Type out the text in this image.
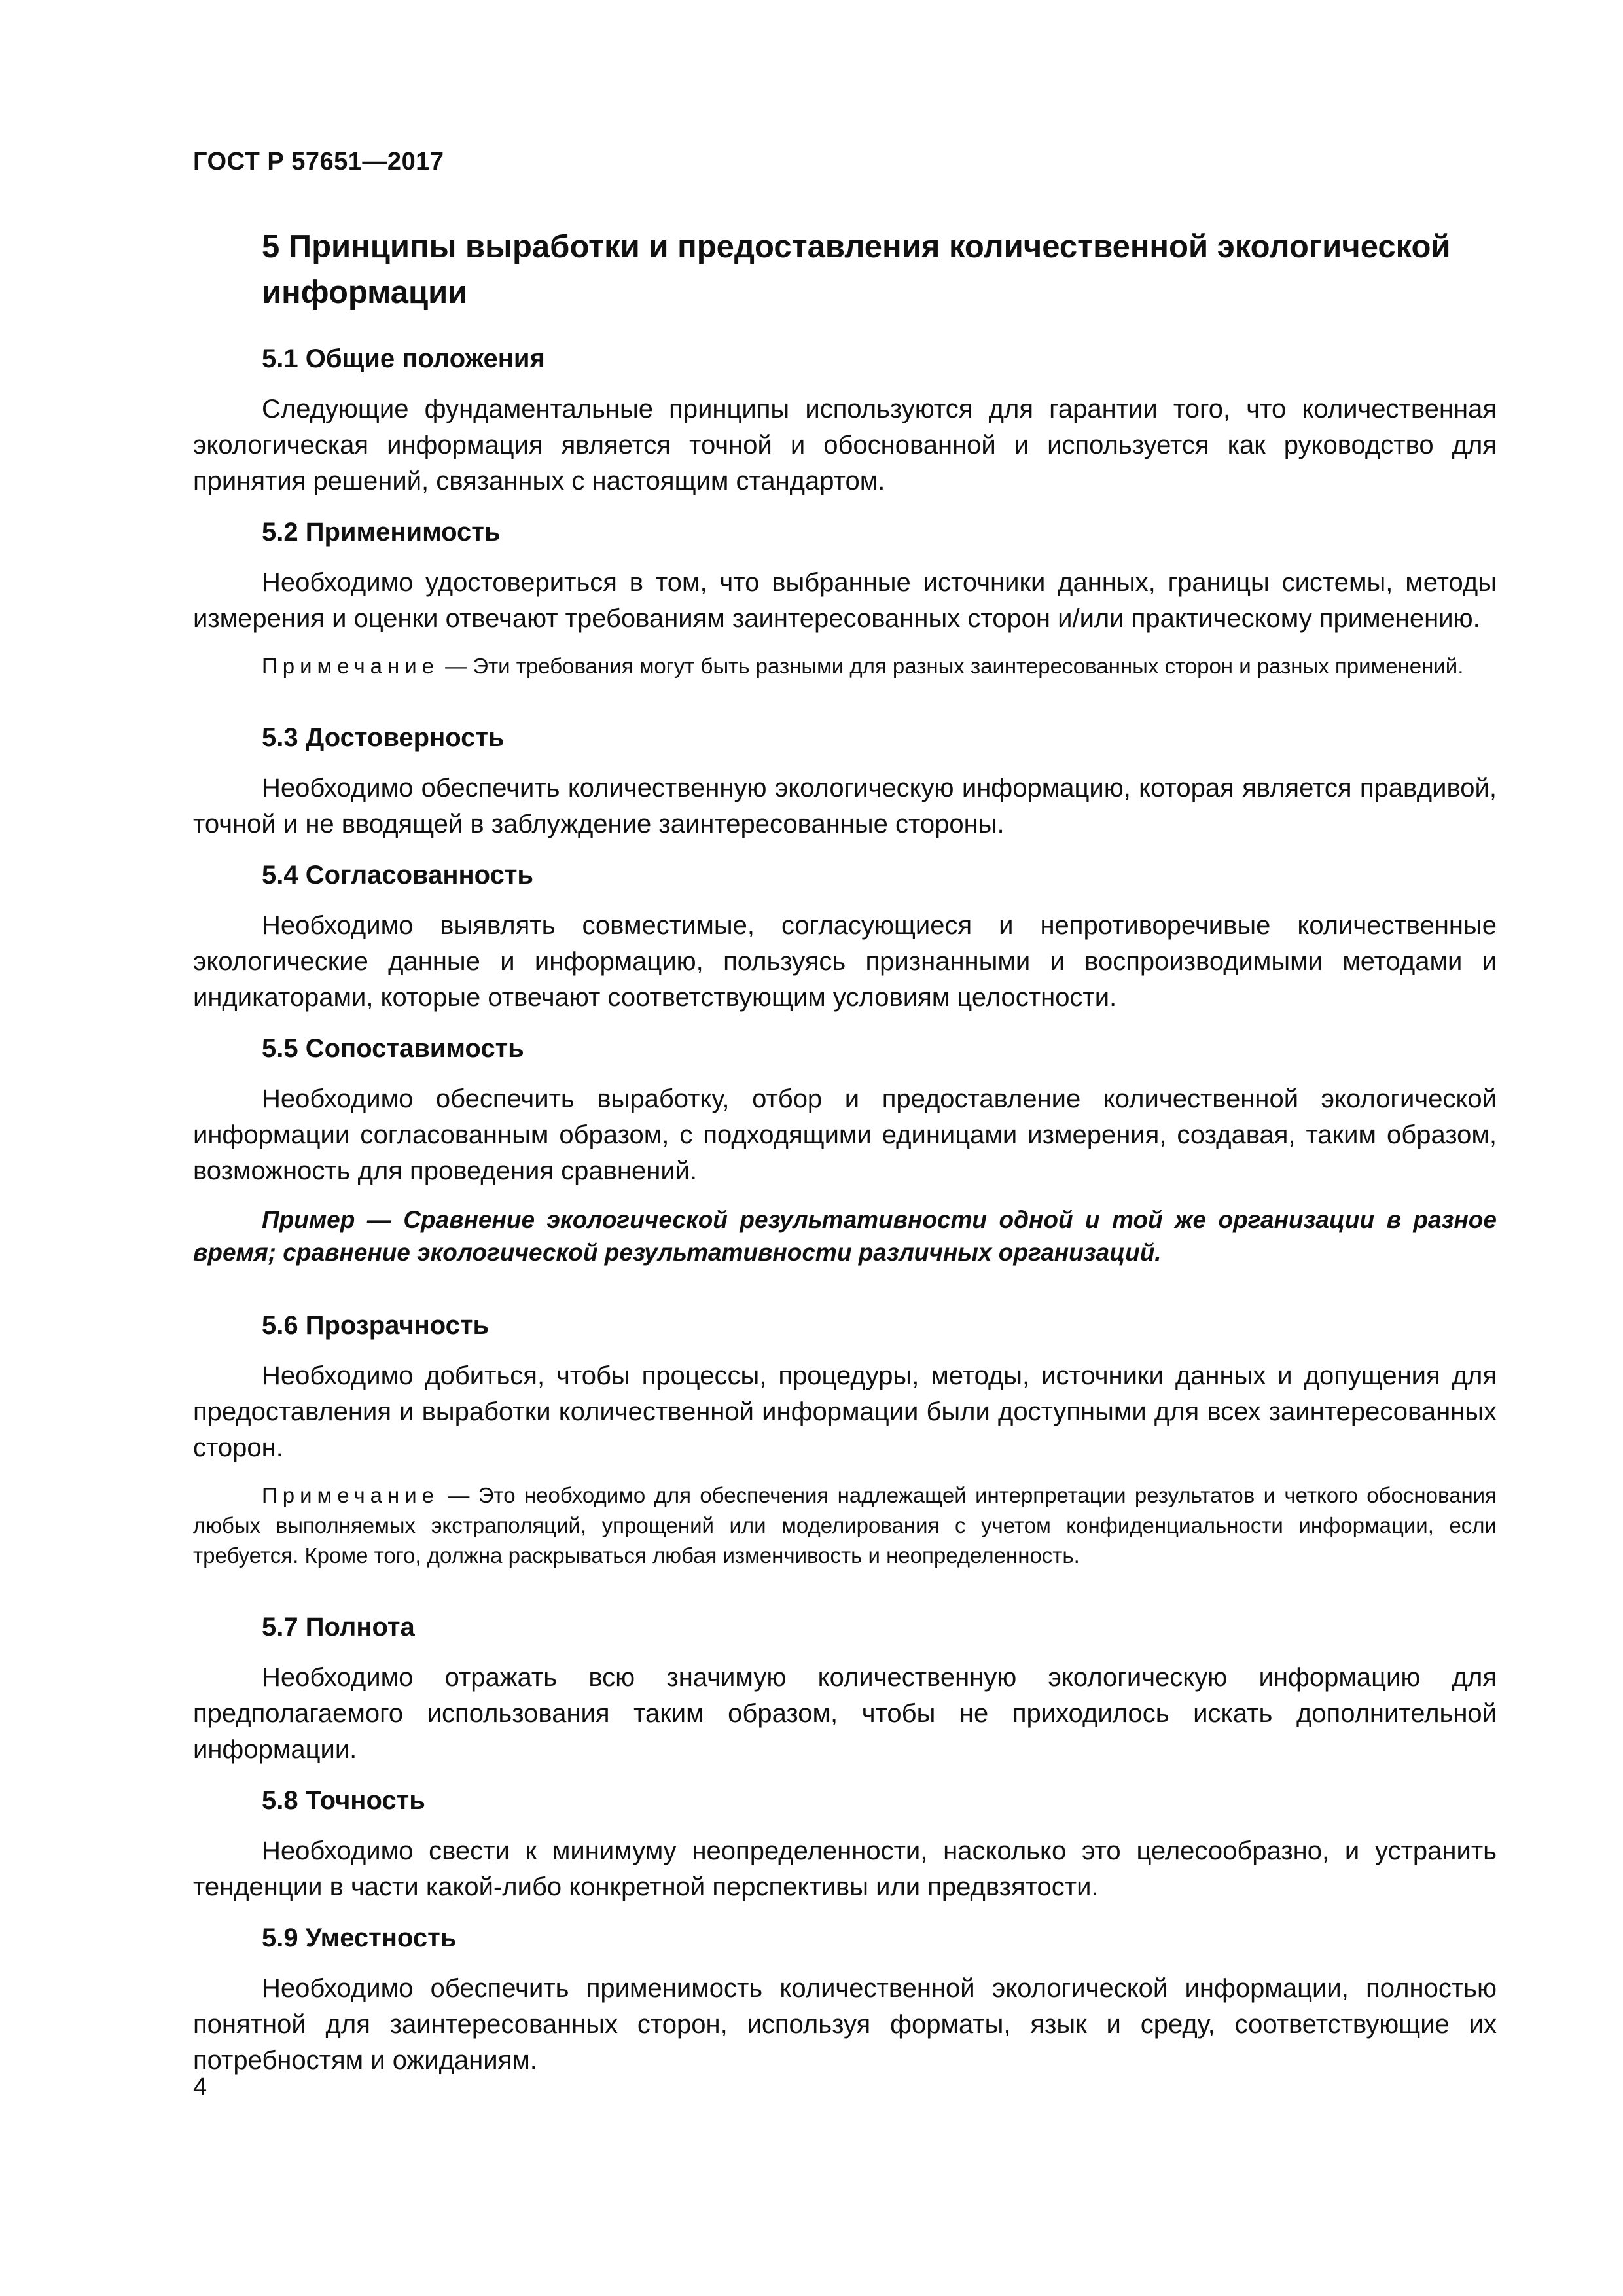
ГОСТ Р 57651—2017
5 Принципы выработки и предоставления количественной экологической информации
5.1 Общие положения
Следующие фундаментальные принципы используются для гарантии того, что количественная экологическая информация является точной и обоснованной и используется как руководство для принятия решений, связанных с настоящим стандартом.
5.2 Применимость
Необходимо удостовериться в том, что выбранные источники данных, границы системы, методы измерения и оценки отвечают требованиям заинтересованных сторон и/или практическому применению.
Примечание — Эти требования могут быть разными для разных заинтересованных сторон и разных применений.
5.3 Достоверность
Необходимо обеспечить количественную экологическую информацию, которая является правдивой, точной и не вводящей в заблуждение заинтересованные стороны.
5.4 Согласованность
Необходимо выявлять совместимые, согласующиеся и непротиворечивые количественные экологические данные и информацию, пользуясь признанными и воспроизводимыми методами и индикаторами, которые отвечают соответствующим условиям целостности.
5.5 Сопоставимость
Необходимо обеспечить выработку, отбор и предоставление количественной экологической информации согласованным образом, с подходящими единицами измерения, создавая, таким образом, возможность для проведения сравнений.
Пример — Сравнение экологической результативности одной и той же организации в разное время; сравнение экологической результативности различных организаций.
5.6 Прозрачность
Необходимо добиться, чтобы процессы, процедуры, методы, источники данных и допущения для предоставления и выработки количественной информации были доступными для всех заинтересованных сторон.
Примечание — Это необходимо для обеспечения надлежащей интерпретации результатов и четкого обоснования любых выполняемых экстраполяций, упрощений или моделирования с учетом конфиденциальности информации, если требуется. Кроме того, должна раскрываться любая изменчивость и неопределенность.
5.7 Полнота
Необходимо отражать всю значимую количественную экологическую информацию для предполагаемого использования таким образом, чтобы не приходилось искать дополнительной информации.
5.8 Точность
Необходимо свести к минимуму неопределенности, насколько это целесообразно, и устранить тенденции в части какой-либо конкретной перспективы или предвзятости.
5.9 Уместность
Необходимо обеспечить применимость количественной экологической информации, полностью понятной для заинтересованных сторон, используя форматы, язык и среду, соответствующие их потребностям и ожиданиям.
4
